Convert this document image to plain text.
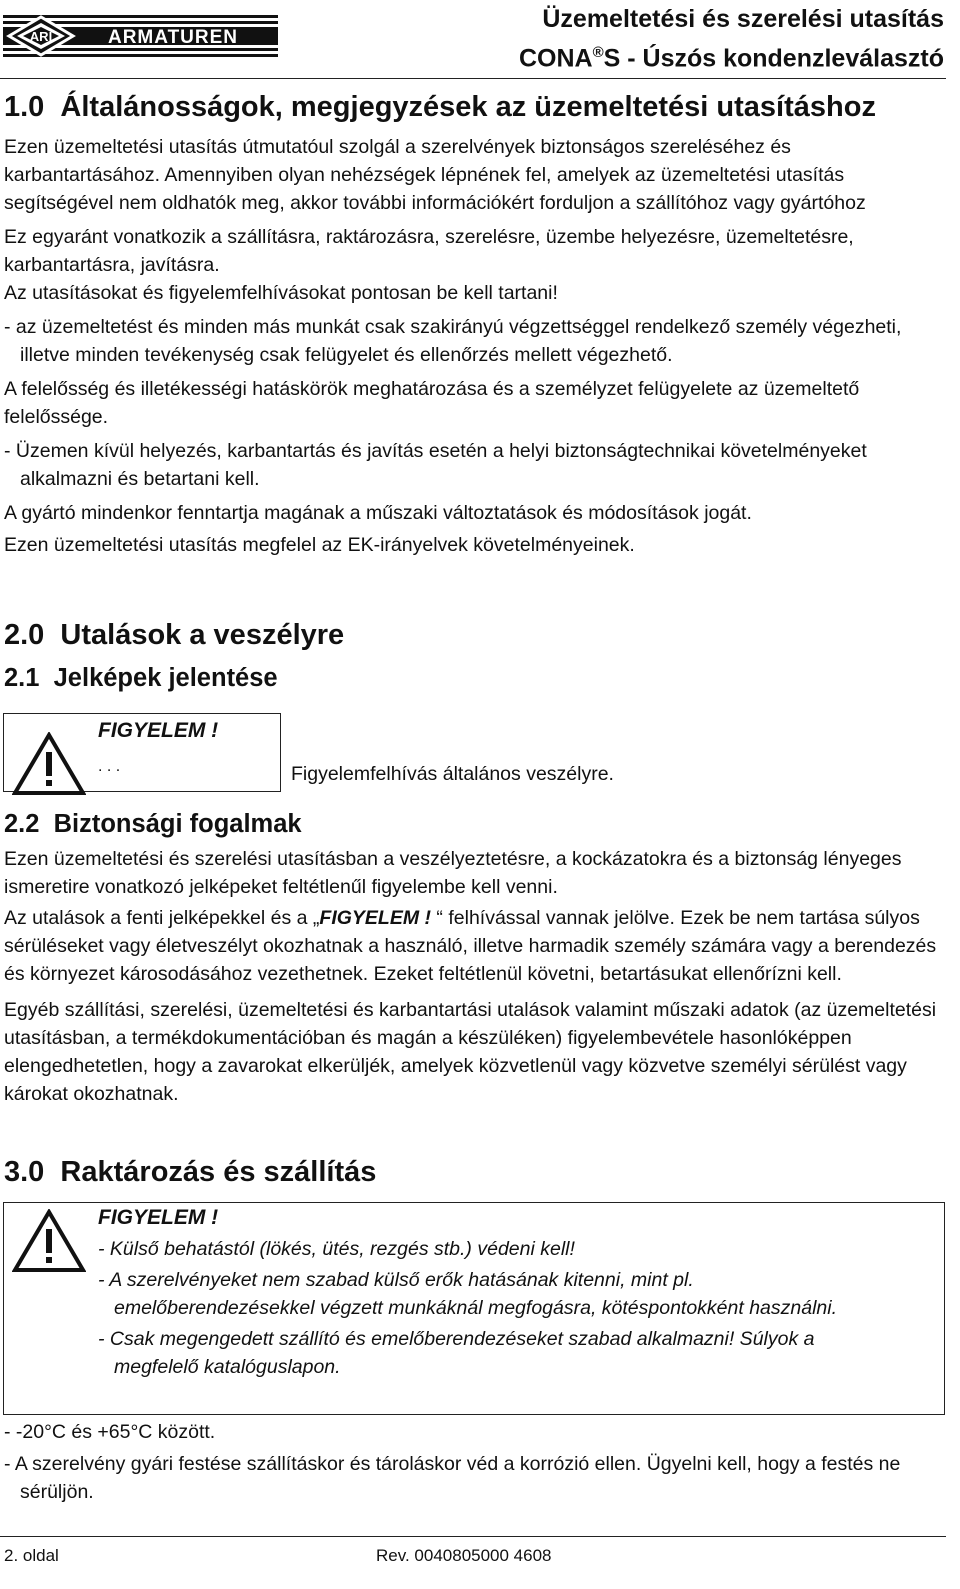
ARI	ARMATUREN
Üzemeltetési és szerelési utasítás
CONA®S - Úszós kondenzleválasztó
1.0  Általánosságok, megjegyzések az üzemeltetési utasításhoz

Ezen üzemeltetési utasítás útmutatóul szolgál a szerelvények biztonságos szereléséhez és karbantartásához. Amennyiben olyan nehézségek lépnének fel, amelyek az üzemeltetési utasítás segítségével nem oldhatók meg, akkor további információkért forduljon a szállítóhoz vagy gyártóhoz

Ez egyaránt vonatkozik a szállításra, raktározásra, szerelésre, üzembe helyezésre, üzemeltetésre, karbantartásra, javításra.

Az utasításokat és figyelemfelhívásokat pontosan be kell tartani!

- az üzemeltetést és minden más munkát csak szakirányú végzettséggel rendelkező személy végezheti, illetve minden tevékenység csak felügyelet és ellenőrzés mellett végezhető.

A felelősség és illetékességi hatáskörök meghatározása és a személyzet felügyelete az üzemeltető felelőssége.

- Üzemen kívül helyezés, karbantartás és javítás esetén a helyi biztonságtechnikai követelményeket alkalmazni és betartani kell.

A gyártó mindenkor fenntartja magának a műszaki változtatások és módosítások jogát.

Ezen üzemeltetési utasítás megfelel az EK-irányelvek követelményeinek.

2.0  Utalások a veszélyre
2.1  Jelképek jelentése
FIGYELEM !
. . .	Figyelemfelhívás általános veszélyre.
2.2  Biztonsági fogalmak

Ezen üzemeltetési és szerelési utasításban a veszélyeztetésre, a kockázatokra és a biztonság lényeges ismeretire vonatkozó jelképeket feltétlenűl figyelembe kell venni.

Az utalások a fenti jelképekkel és a „FIGYELEM ! “ felhívással vannak jelölve. Ezek be nem tartása súlyos sérüléseket vagy életveszélyt okozhatnak a használó, illetve harmadik személy számára vagy a berendezés és környezet károsodásához vezethetnek. Ezeket feltétlenül követni, betartásukat ellenőrízni kell.

Egyéb szállítási, szerelési, üzemeltetési és karbantartási utalások valamint műszaki adatok (az üzemeltetési utasításban, a termékdokumentációban és magán a készüléken) figyelembevétele hasonlóképpen elengedhetetlen, hogy a zavarokat elkerüljék, amelyek közvetlenül vagy közvetve személyi sérülést vagy károkat okozhatnak.

3.0  Raktározás és szállítás
FIGYELEM !

- Külső behatástól (lökés, ütés, rezgés stb.) védeni kell!

- A szerelvényeket nem szabad külső erők hatásának kitenni, mint pl. emelőberendezésekkel végzett munkáknál megfogásra, kötéspontokként használni.

- Csak megengedett szállító és emelőberendezéseket szabad alkalmazni! Súlyok a megfelelő katalóguslapon.

- -20°C és +65°C között.

- A szerelvény gyári festése szállításkor és tároláskor véd a korrózió ellen. Ügyelni kell, hogy a festés ne sérüljön.

2. oldal	Rev. 0040805000 4608
